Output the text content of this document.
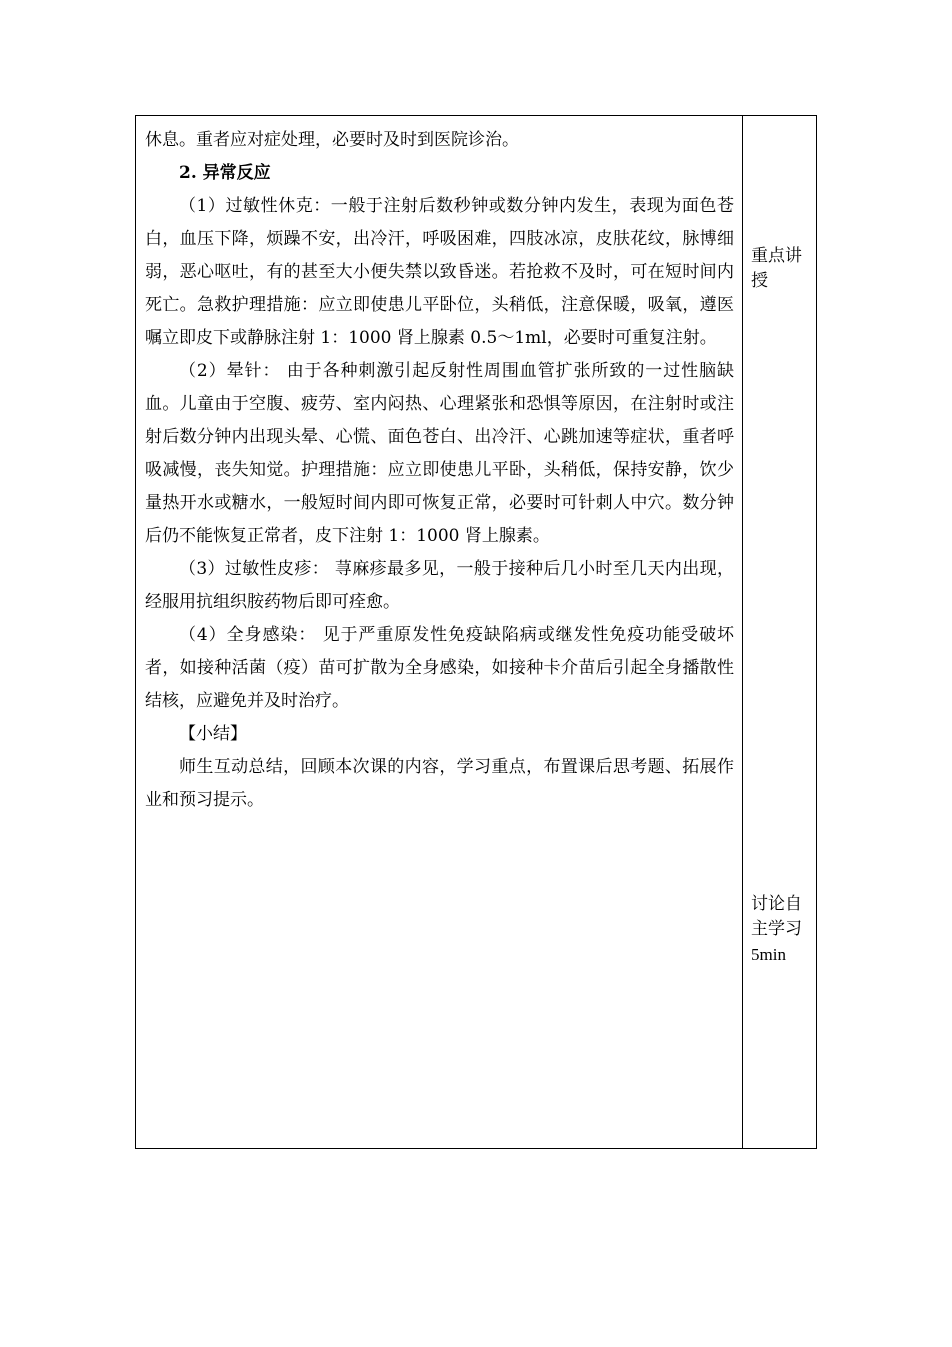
休息。重者应对症处理，必要时及时到医院诊治。

2. 异常反应

（1）过敏性休克：一般于注射后数秒钟或数分钟内发生，表现为面色苍白，血压下降，烦躁不安，出冷汗，呼吸困难，四肢冰凉，皮肤花纹，脉博细弱，恶心呕吐，有的甚至大小便失禁以致昏迷。若抢救不及时，可在短时间内死亡。急救护理措施：应立即使患儿平卧位，头稍低，注意保暖，吸氧，遵医嘱立即皮下或静脉注射 1：1000 肾上腺素 0.5～1ml，必要时可重复注射。

（2）晕针： 由于各种刺激引起反射性周围血管扩张所致的一过性脑缺血。儿童由于空腹、疲劳、室内闷热、心理紧张和恐惧等原因，在注射时或注射后数分钟内出现头晕、心慌、面色苍白、出冷汗、心跳加速等症状，重者呼吸减慢，丧失知觉。护理措施：应立即使患儿平卧，头稍低，保持安静，饮少量热开水或糖水，一般短时间内即可恢复正常，必要时可针刺人中穴。数分钟后仍不能恢复正常者，皮下注射 1：1000 肾上腺素。

（3）过敏性皮疹： 荨麻疹最多见，一般于接种后几小时至几天内出现，经服用抗组织胺药物后即可痊愈。

（4）全身感染： 见于严重原发性免疫缺陷病或继发性免疫功能受破坏者，如接种活菌（疫）苗可扩散为全身感染，如接种卡介苗后引起全身播散性结核，应避免并及时治疗。

【小结】

师生互动总结，回顾本次课的内容，学习重点，布置课后思考题、拓展作业和预习提示。

重点讲授
讨论自主学习
5min
